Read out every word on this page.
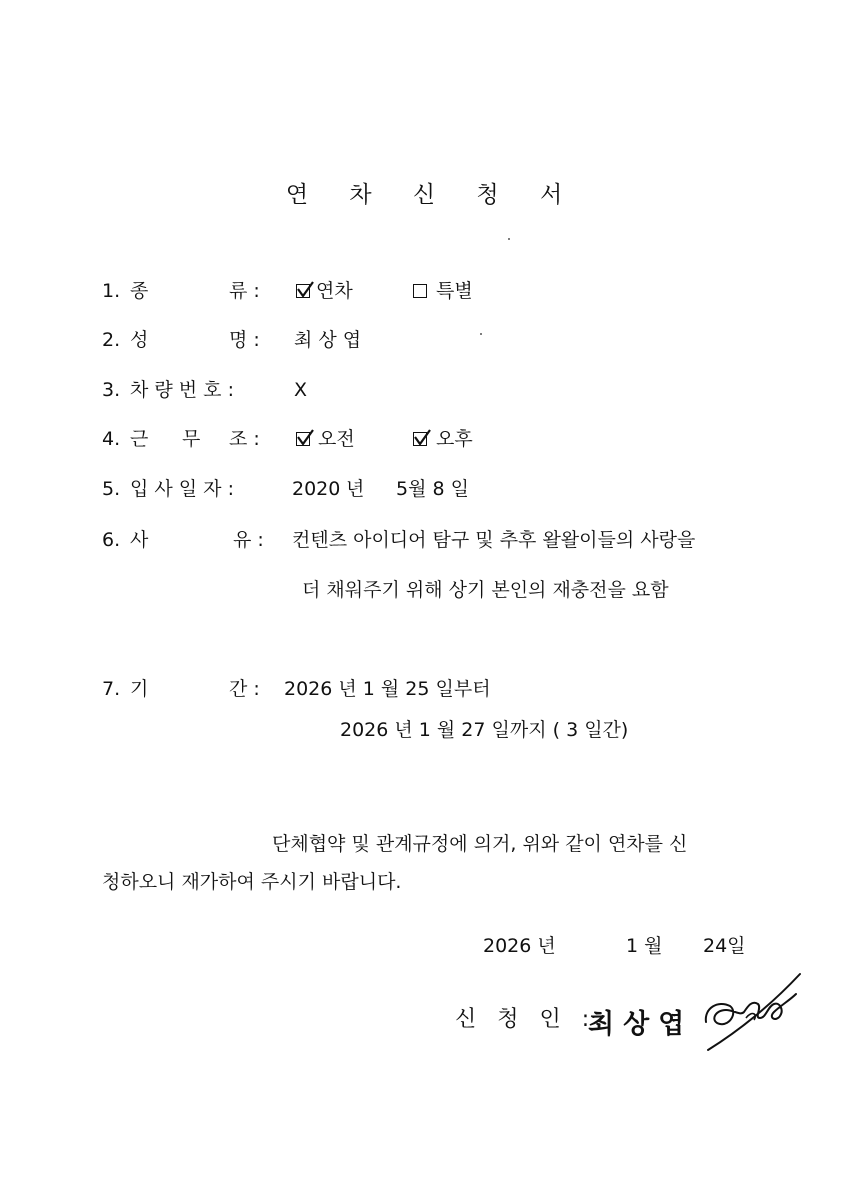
연 차 신 청 서
1. 종	류 :	연차	특별
2. 성	명 : 최 상 엽
3. 차 량 번 호 :	X
4. 근 무 조 :	오전	오후
5. 입 사 일 자 :	2020 년 5월 8 일
6. 사	유 : 컨텐츠 아이디어 탐구 및 추후 왈왈이들의 사랑을
더 채워주기 위해 상기 본인의 재충전을 요함
7. 기	간 : 2026 년 1 월 25 일부터
2026 년 1 월 27 일까지 ( 3 일간)
단체협약 및 관계규정에 의거, 위와 같이 연차를 신
청하오니 재가하여 주시기 바랍니다.
2026 년	1 월 24일
신 청 인 :
최상엽
